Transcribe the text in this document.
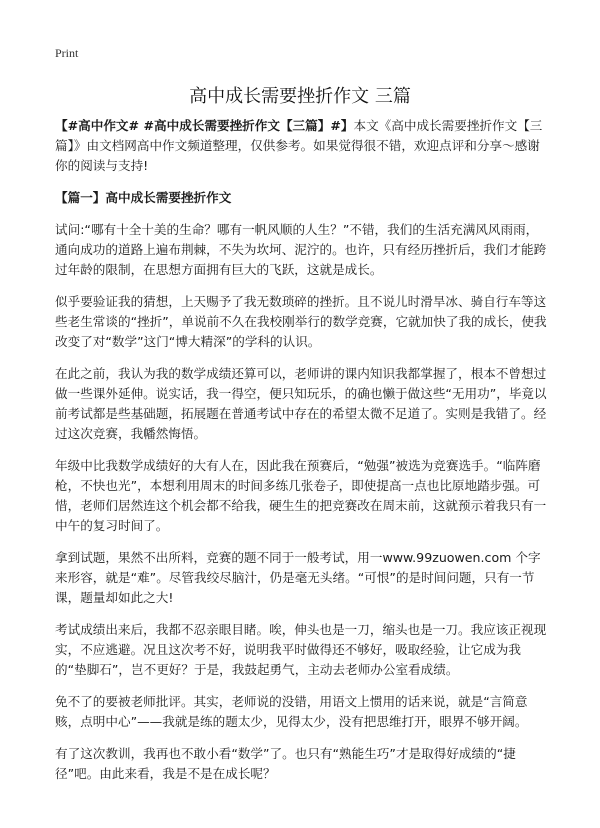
Print
高中成长需要挫折作文 三篇

【#高中作文# #高中成长需要挫折作文【三篇】#】本文《高中成长需要挫折作文【三篇】》由文档网高中作文频道整理，仅供参考。如果觉得很不错，欢迎点评和分享～感谢你的阅读与支持!

【篇一】高中成长需要挫折作文

试问:“哪有十全十美的生命？哪有一帆风顺的人生？”不错，我们的生活充满风风雨雨，通向成功的道路上遍布荆棘，不失为坎坷、泥泞的。也许，只有经历挫折后，我们才能跨过年龄的限制，在思想方面拥有巨大的飞跃，这就是成长。

似乎要验证我的猜想，上天赐予了我无数琐碎的挫折。且不说儿时滑旱冰、骑自行车等这些老生常谈的“挫折”，单说前不久在我校刚举行的数学竞赛，它就加快了我的成长，使我改变了对“数学”这门“博大精深”的学科的认识。

在此之前，我认为我的数学成绩还算可以，老师讲的课内知识我都掌握了，根本不曾想过做一些课外延伸。说实话，我一得空，便只知玩乐，的确也懒于做这些“无用功”，毕竟以前考试都是些基础题，拓展题在普通考试中存在的希望太微不足道了。实则是我错了。经过这次竞赛，我幡然悔悟。

年级中比我数学成绩好的大有人在，因此我在预赛后，“勉强”被选为竞赛选手。“临阵磨枪，不快也光”，本想利用周末的时间多练几张卷子，即使提高一点也比原地踏步强。可惜，老师们居然连这个机会都不给我，硬生生的把竞赛改在周末前，这就预示着我只有一中午的复习时间了。

拿到试题，果然不出所料，竞赛的题不同于一般考试，用一www.99zuowen.com 个字来形容，就是“难”。尽管我绞尽脑汁，仍是毫无头绪。“可恨”的是时间问题，只有一节课，题量却如此之大!

考试成绩出来后，我都不忍亲眼目睹。唉，伸头也是一刀，缩头也是一刀。我应该正视现实，不应逃避。况且这次考不好，说明我平时做得还不够好，吸取经验，让它成为我的“垫脚石”，岂不更好？于是，我鼓起勇气，主动去老师办公室看成绩。

免不了的要被老师批评。其实，老师说的没错，用语文上惯用的话来说，就是“言简意赅，点明中心”——我就是练的题太少，见得太少，没有把思维打开，眼界不够开阔。

有了这次教训，我再也不敢小看“数学”了。也只有“熟能生巧”才是取得好成绩的“捷径”吧。由此来看，我是不是在成长呢？
